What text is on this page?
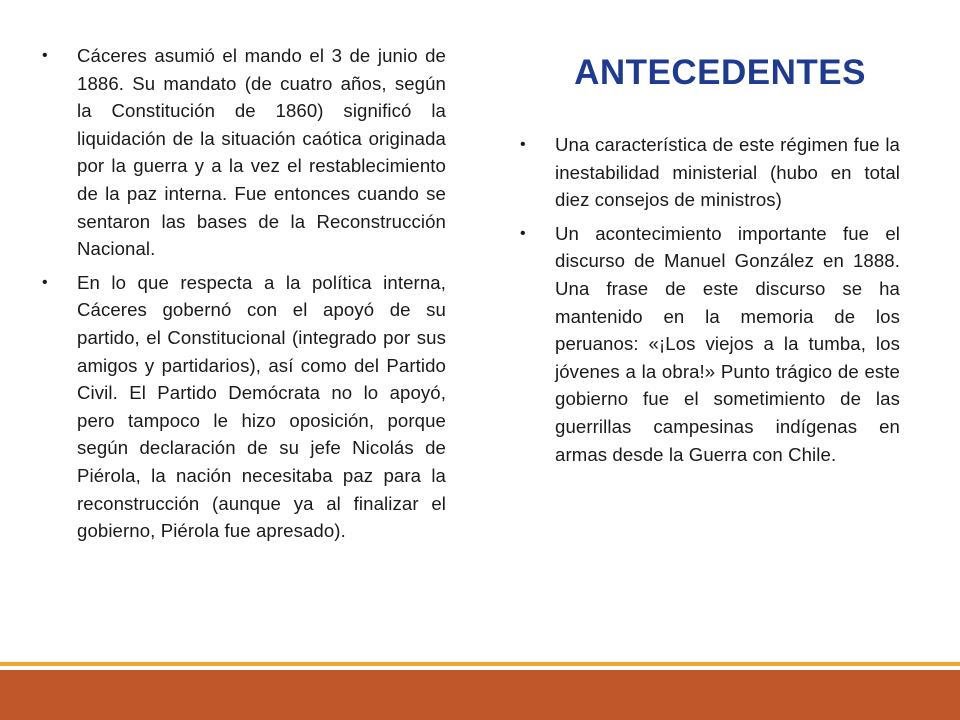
• Cáceres asumió el mando el 3 de junio de 1886. Su mandato (de cuatro años, según la Constitución de 1860) significó la liquidación de la situación caótica originada por la guerra y a la vez el restablecimiento de la paz interna. Fue entonces cuando se sentaron las bases de la Reconstrucción Nacional.
• En lo que respecta a la política interna, Cáceres gobernó con el apoyó de su partido, el Constitucional (integrado por sus amigos y partidarios), así como del Partido Civil. El Partido Demócrata no lo apoyó, pero tampoco le hizo oposición, porque según declaración de su jefe Nicolás de Piérola, la nación necesitaba paz para la reconstrucción (aunque ya al finalizar el gobierno, Piérola fue apresado).
ANTECEDENTES
• Una característica de este régimen fue la inestabilidad ministerial (hubo en total diez consejos de ministros)
• Un acontecimiento importante fue el discurso de Manuel González en 1888. Una frase de este discurso se ha mantenido en la memoria de los peruanos: «¡Los viejos a la tumba, los jóvenes a la obra!» Punto trágico de este gobierno fue el sometimiento de las guerrillas campesinas indígenas en armas desde la Guerra con Chile.
